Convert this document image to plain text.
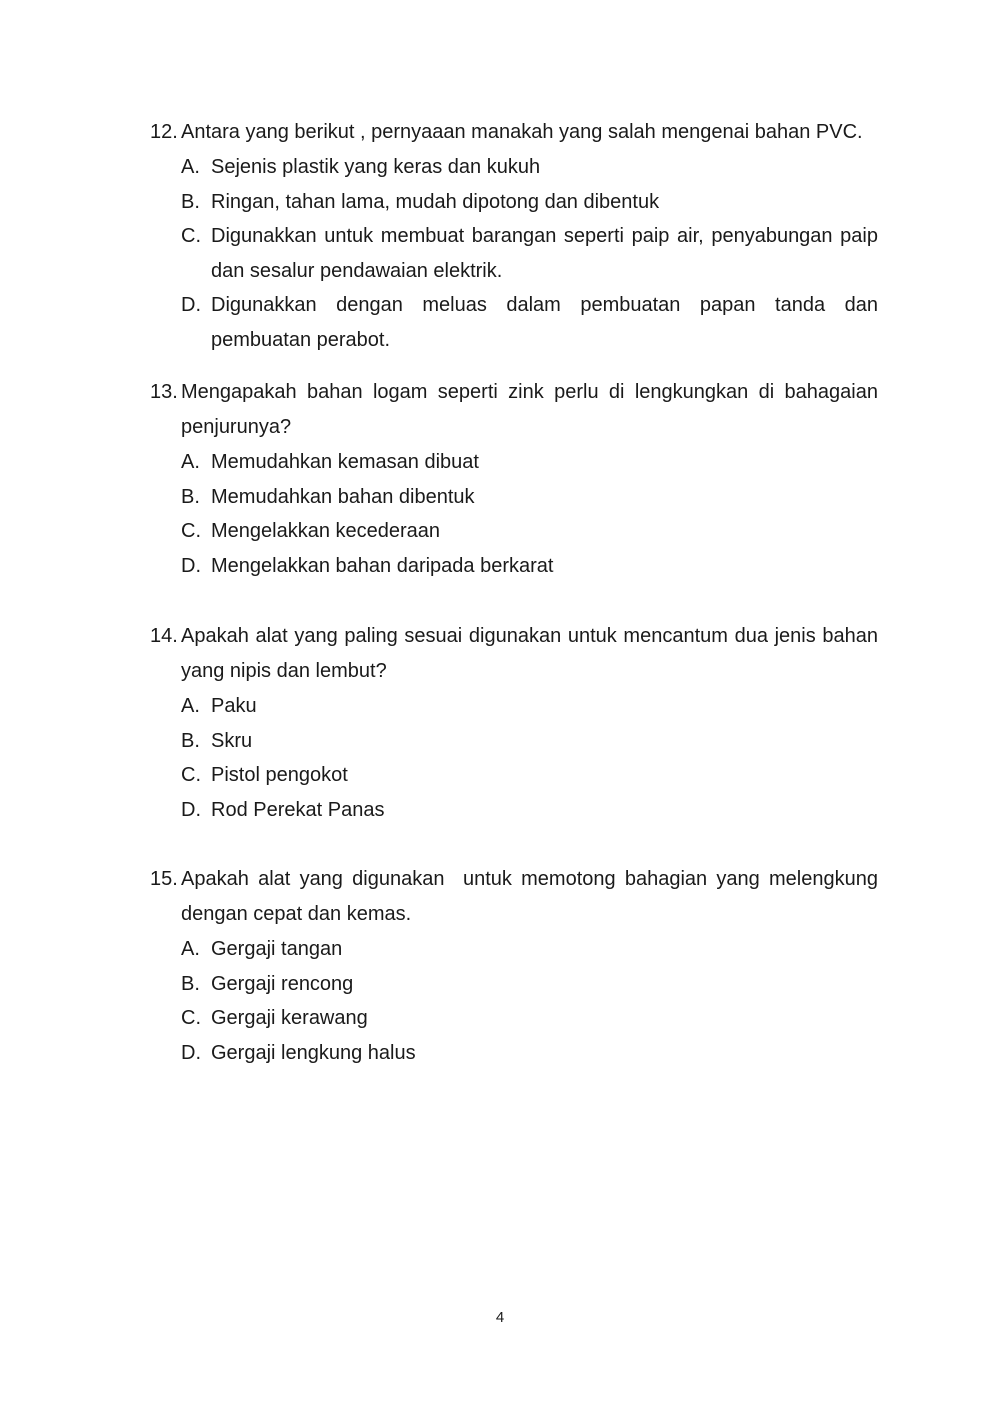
12. Antara yang berikut , pernyaaan manakah yang salah mengenai bahan PVC.
A. Sejenis plastik yang keras dan kukuh
B. Ringan, tahan lama, mudah dipotong dan dibentuk
C. Digunakkan untuk membuat barangan seperti paip air, penyabungan paip
dan sesalur pendawaian elektrik.
D. Digunakkan dengan meluas dalam pembuatan papan tanda dan
pembuatan perabot.
13. Mengapakah bahan logam seperti zink perlu di lengkungkan di bahagaian
penjurunya?
A. Memudahkan kemasan dibuat
B. Memudahkan bahan dibentuk
C. Mengelakkan kecederaan
D. Mengelakkan bahan daripada berkarat
14. Apakah alat yang paling sesuai digunakan untuk mencantum dua jenis bahan
yang nipis dan lembut?
A. Paku
B. Skru
C. Pistol pengokot
D. Rod Perekat Panas
15. Apakah alat yang digunakan  untuk memotong bahagian yang melengkung
dengan cepat dan kemas.
A. Gergaji tangan
B. Gergaji rencong
C. Gergaji kerawang
D. Gergaji lengkung halus
4
